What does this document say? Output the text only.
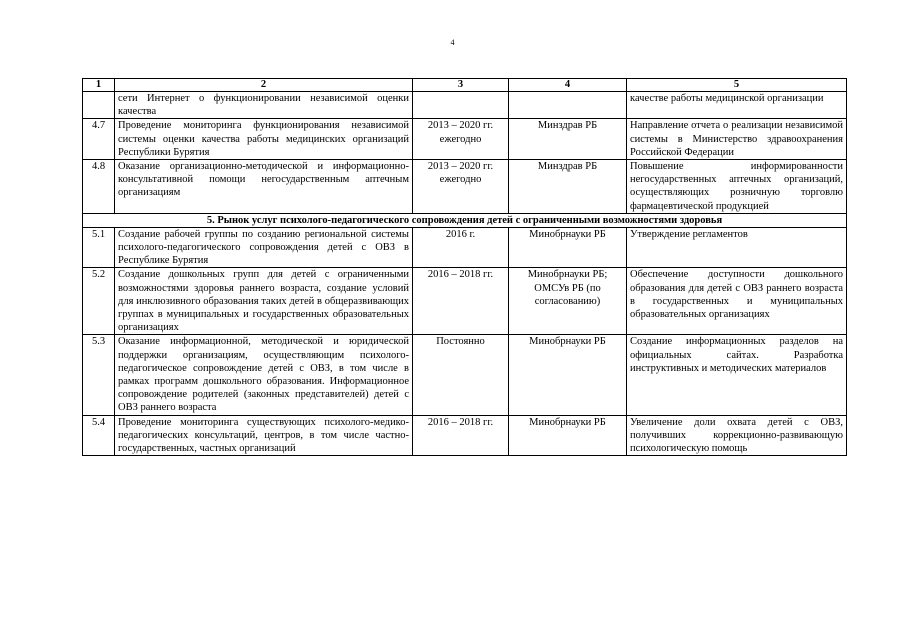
4
1	2	3	4	5
	сети Интернет о функционировании независимой оценки качества			качестве работы медицинской организации
4.7	Проведение мониторинга функционирования независимой системы оценки качества работы медицинских организаций Республики Бурятия	2013 – 2020 гг. ежегодно	Минздрав РБ	Направление отчета о реализации независимой системы в Министерство здравоохранения Российской Федерации
4.8	Оказание организационно-методической и информационно-консультативной помощи негосударственным аптечным организациям	2013 – 2020 гг. ежегодно	Минздрав РБ	Повышение информированности негосударственных аптечных организаций, осуществляющих розничную торговлю фармацевтической продукцией
5. Рынок услуг психолого-педагогического сопровождения детей с ограниченными возможностями здоровья				
5.1	Создание рабочей группы по созданию региональной системы психолого-педагогического сопровождения детей с ОВЗ в Республике Бурятия	2016 г.	Минобрнауки РБ	Утверждение регламентов
5.2	Создание дошкольных групп для детей с ограниченными возможностями здоровья раннего возраста, создание условий для инклюзивного образования таких детей в общеразвивающих группах в муниципальных и государственных образовательных организациях	2016 – 2018 гг.	Минобрнауки РБ; ОМСУв РБ (по согласованию)	Обеспечение доступности дошкольного образования для детей с ОВЗ раннего возраста в государственных и муниципальных образовательных организациях
5.3	Оказание информационной, методической и юридической поддержки организациям, осуществляющим психолого-педагогическое сопровождение детей с ОВЗ, в том числе в рамках программ дошкольного образования. Информационное сопровождение родителей (законных представителей) детей с ОВЗ раннего возраста	Постоянно	Минобрнауки РБ	Создание информационных разделов на официальных сайтах. Разработка инструктивных и методических материалов
5.4	Проведение мониторинга существующих психолого-медико-педагогических консультаций, центров, в том числе частно-государственных, частных организаций	2016 – 2018 гг.	Минобрнауки РБ	Увеличение доли охвата детей с ОВЗ, получивших коррекционно-развивающую психологическую помощь
